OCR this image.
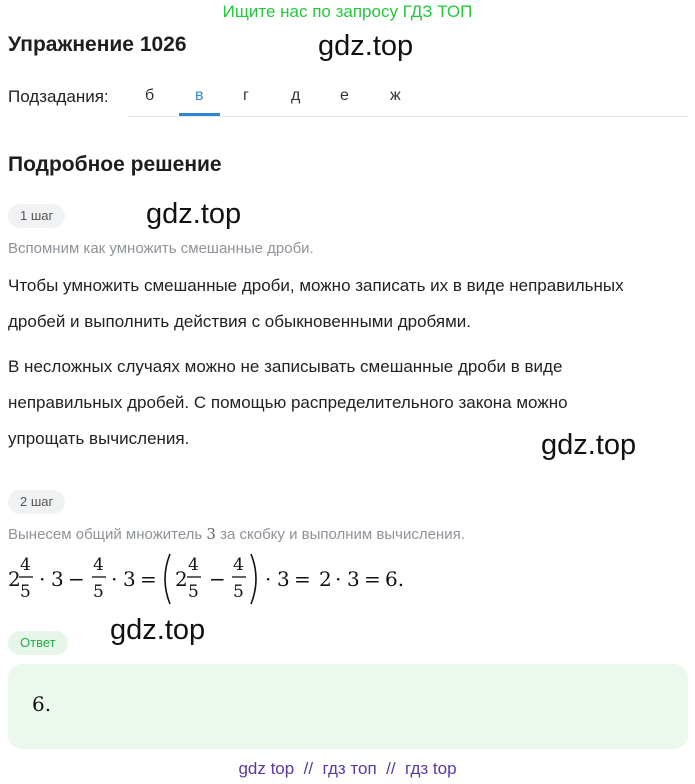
Ищите нас по запросу ГДЗ ТОП
Упражнение 1026	gdz.top
Подзадания: б	в г	д е	ж
Подробное решение
1 шаг	gdz.top
Вспомним как умножить смешанные дроби.
Чтобы умножить смешанные дроби, можно записать их в виде неправильных
дробей и выполнить действия с обыкновенными дробями.
В несложных случаях можно не записывать смешанные дроби в виде
неправильных дробей. С помощью распределительного закона можно
упрощать вычисления.	gdz.top
2 шаг
Вынесем общий множитель 3 за скобку и выполним вычисления.
2
4
5
· 3 −
4
5
· 3 = 2
4
5
−
4
5
· 3 = 2 · 3 = 6.
Ответ	gdz.top
6.
gdz top  //  гдз топ  //  гдз top
